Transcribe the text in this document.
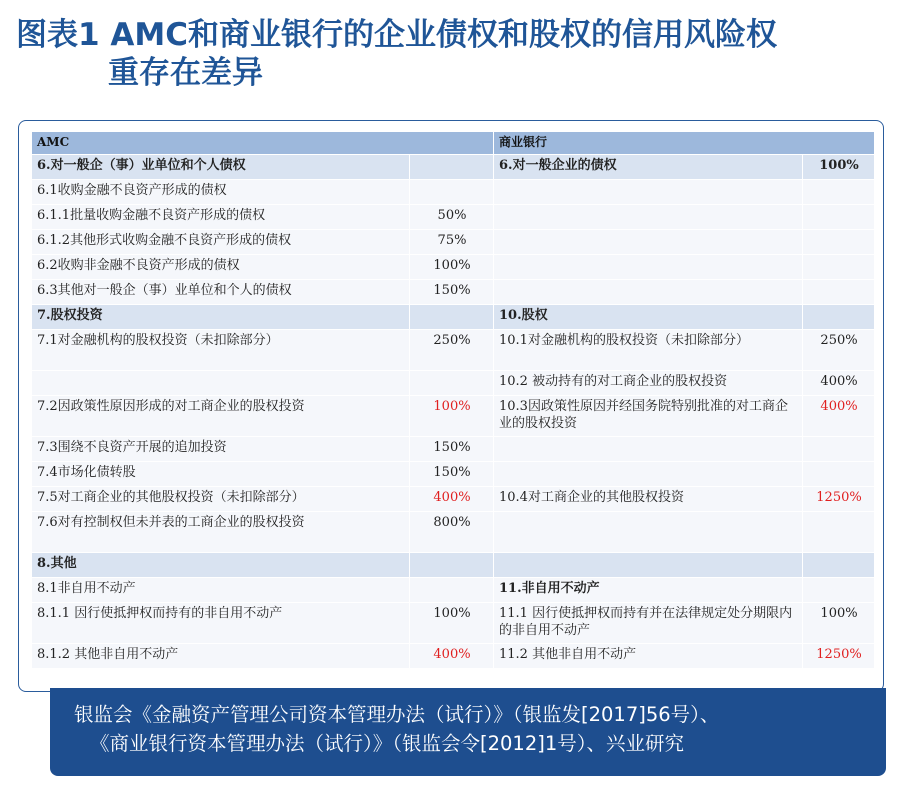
图表1 AMC和商业银行的企业债权和股权的信用风险权
重存在差异
AMC		商业银行	
6.对一般企（事）业单位和个人债权		6.对一般企业的债权	100%
6.1收购金融不良资产形成的债权			
6.1.1批量收购金融不良资产形成的债权	50%		
6.1.2其他形式收购金融不良资产形成的债权	75%		
6.2收购非金融不良资产形成的债权	100%		
6.3其他对一般企（事）业单位和个人的债权	150%		
7.股权投资		10.股权	
7.1对金融机构的股权投资（未扣除部分）	250%	10.1对金融机构的股权投资（未扣除部分）	250%
		10.2 被动持有的对工商企业的股权投资	400%
7.2因政策性原因形成的对工商企业的股权投资	100%	10.3因政策性原因并经国务院特别批准的对工商企业的股权投资	400%
7.3围绕不良资产开展的追加投资	150%		
7.4市场化债转股	150%		
7.5对工商企业的其他股权投资（未扣除部分）	400%	10.4对工商企业的其他股权投资	1250%
7.6对有控制权但未并表的工商企业的股权投资	800%		
8.其他			
8.1非自用不动产		11.非自用不动产	
8.1.1 因行使抵押权而持有的非自用不动产	100%	11.1 因行使抵押权而持有并在法律规定处分期限内的非自用不动产	100%
8.1.2 其他非自用不动产	400%	11.2 其他非自用不动产	1250%

银监会《金融资产管理公司资本管理办法（试行）》（银监发[2017]56号）、

《商业银行资本管理办法（试行）》（银监会令[2012]1号）、兴业研究
